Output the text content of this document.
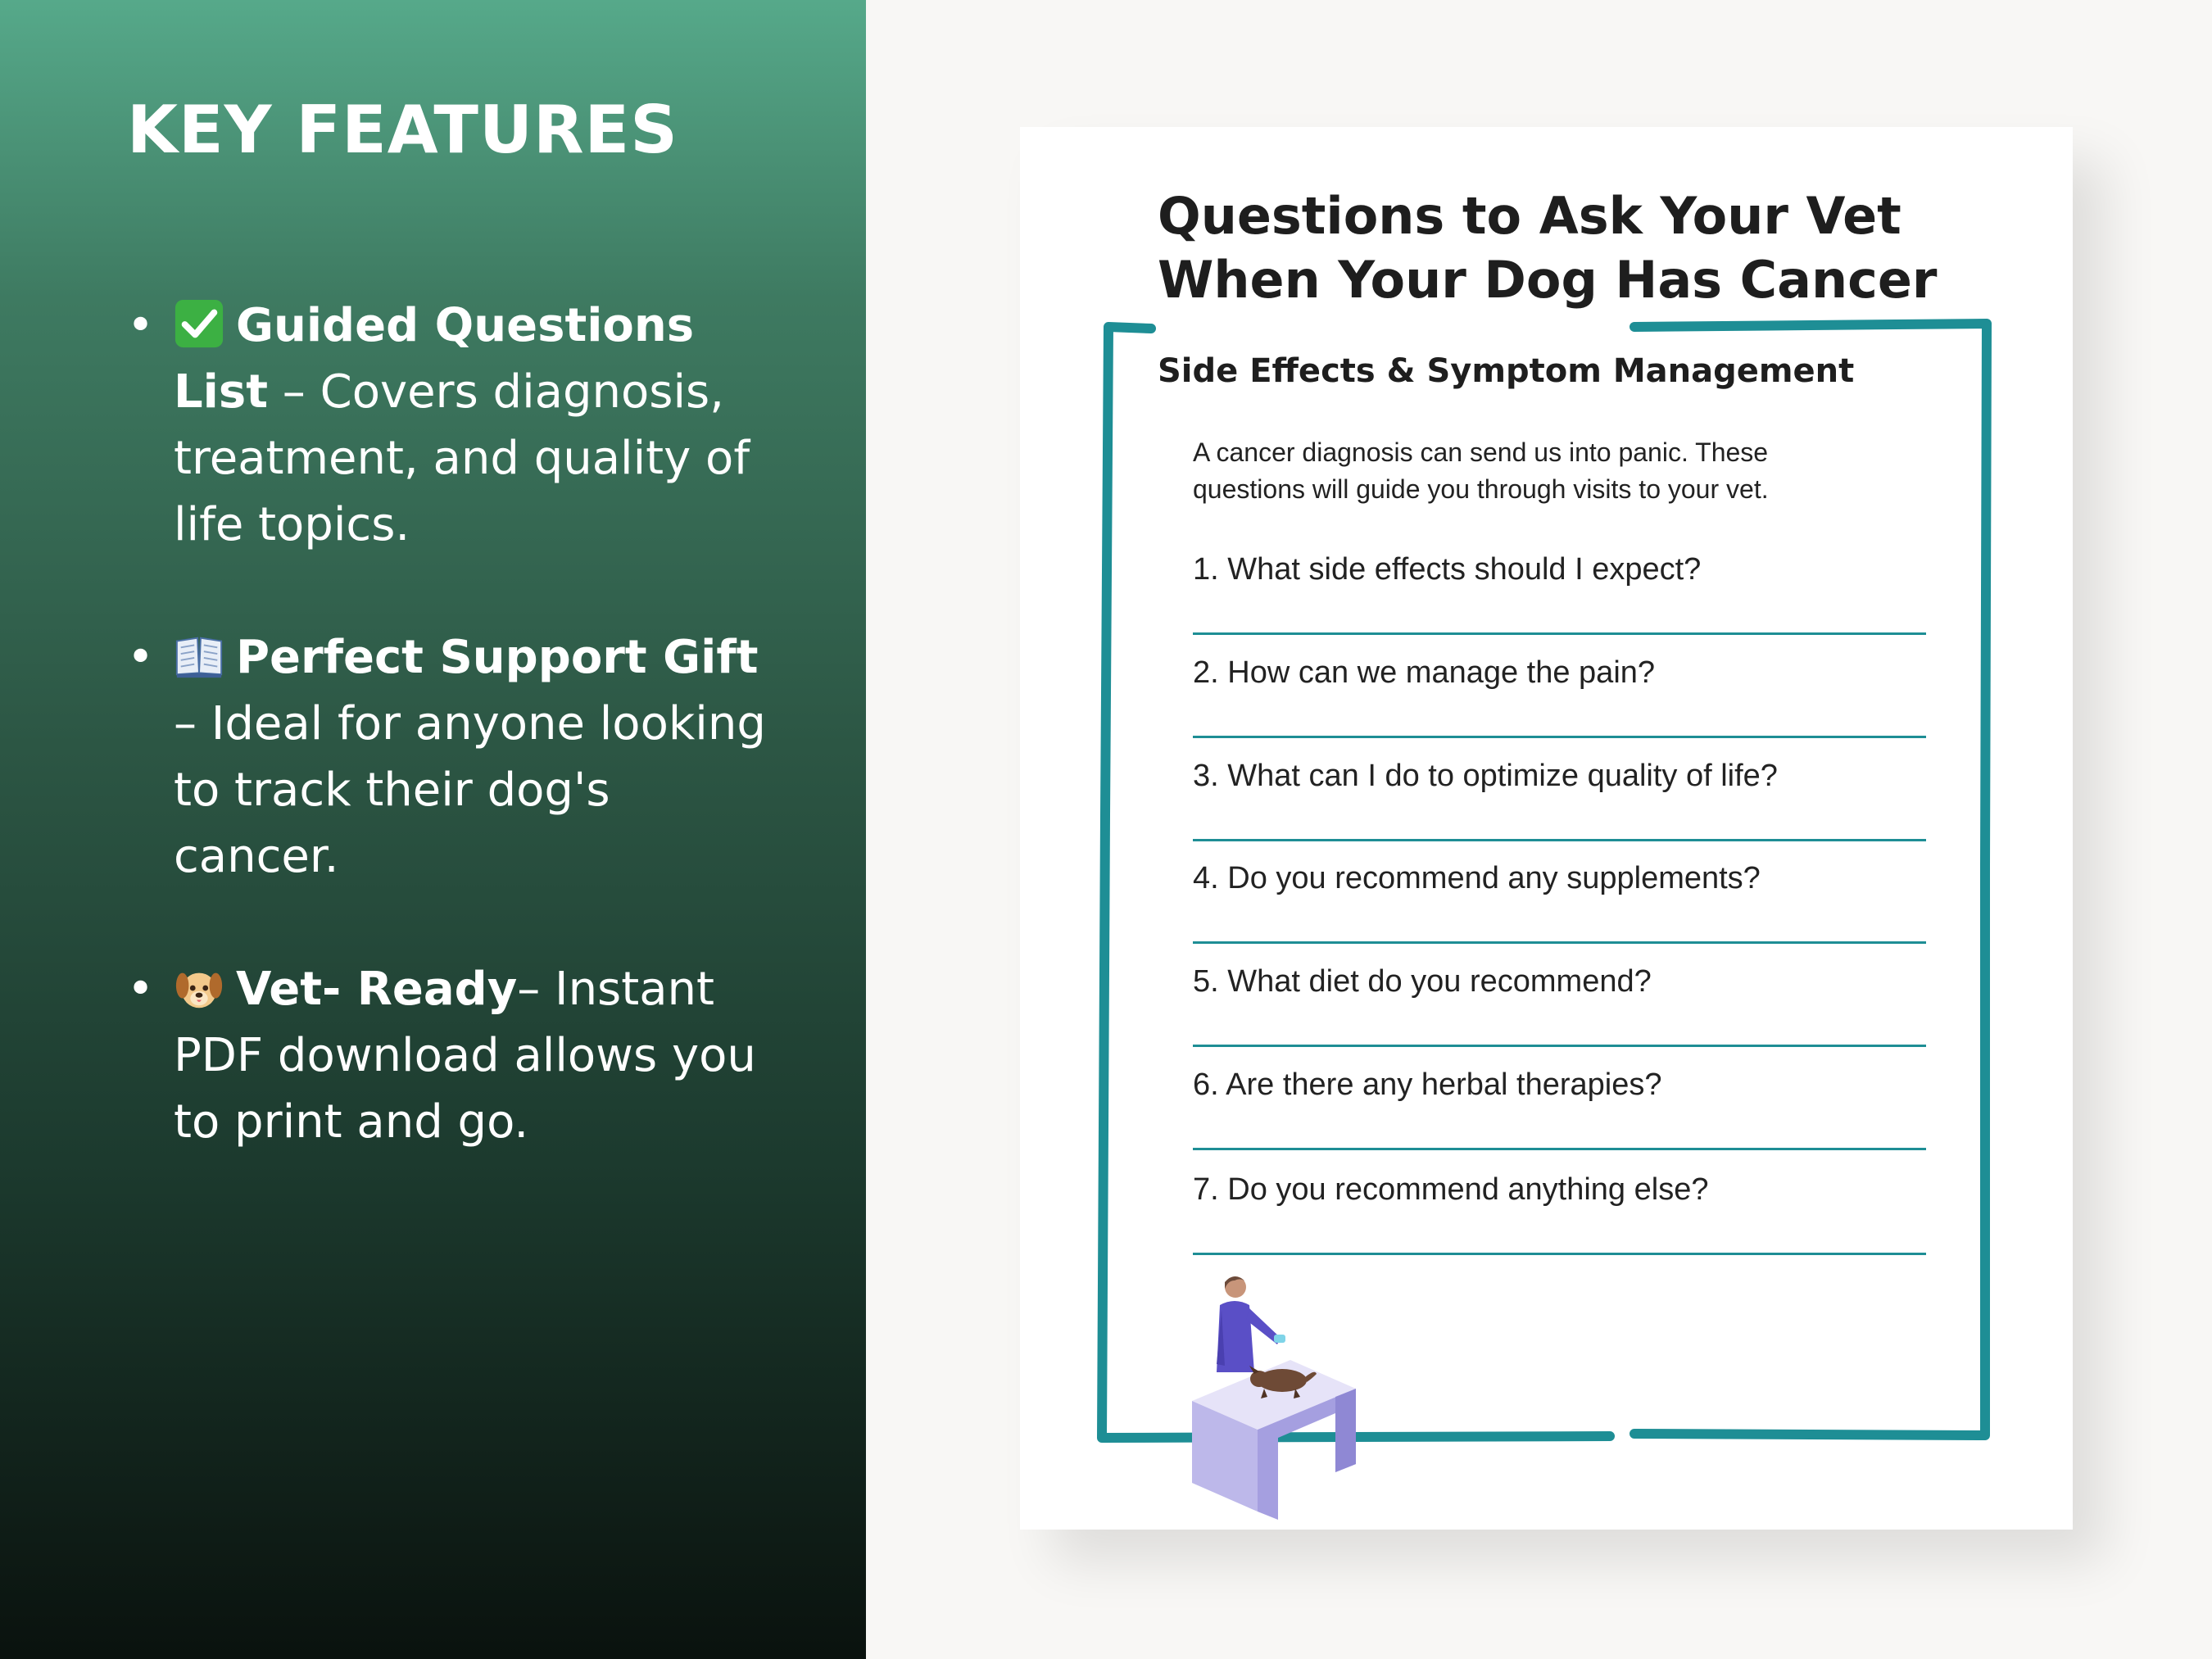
KEY FEATURES
•	Guided Questions List – Covers diagnosis, treatment, and quality of life topics.
•	Perfect Support Gift – Ideal for anyone looking to track their dog's cancer.
•	Vet- Ready– Instant PDF download allows you to print and go.
Questions to Ask Your Vet
When Your Dog Has Cancer
Side Effects & Symptom Management
A cancer diagnosis can send us into panic. These questions will guide you through visits to your vet.
1. What side effects should I expect?
2. How can we manage the pain?
3. What can I do to optimize quality of life?
4. Do you recommend any supplements?
5. What diet do you recommend?
6. Are there any herbal therapies?
7. Do you recommend anything else?
